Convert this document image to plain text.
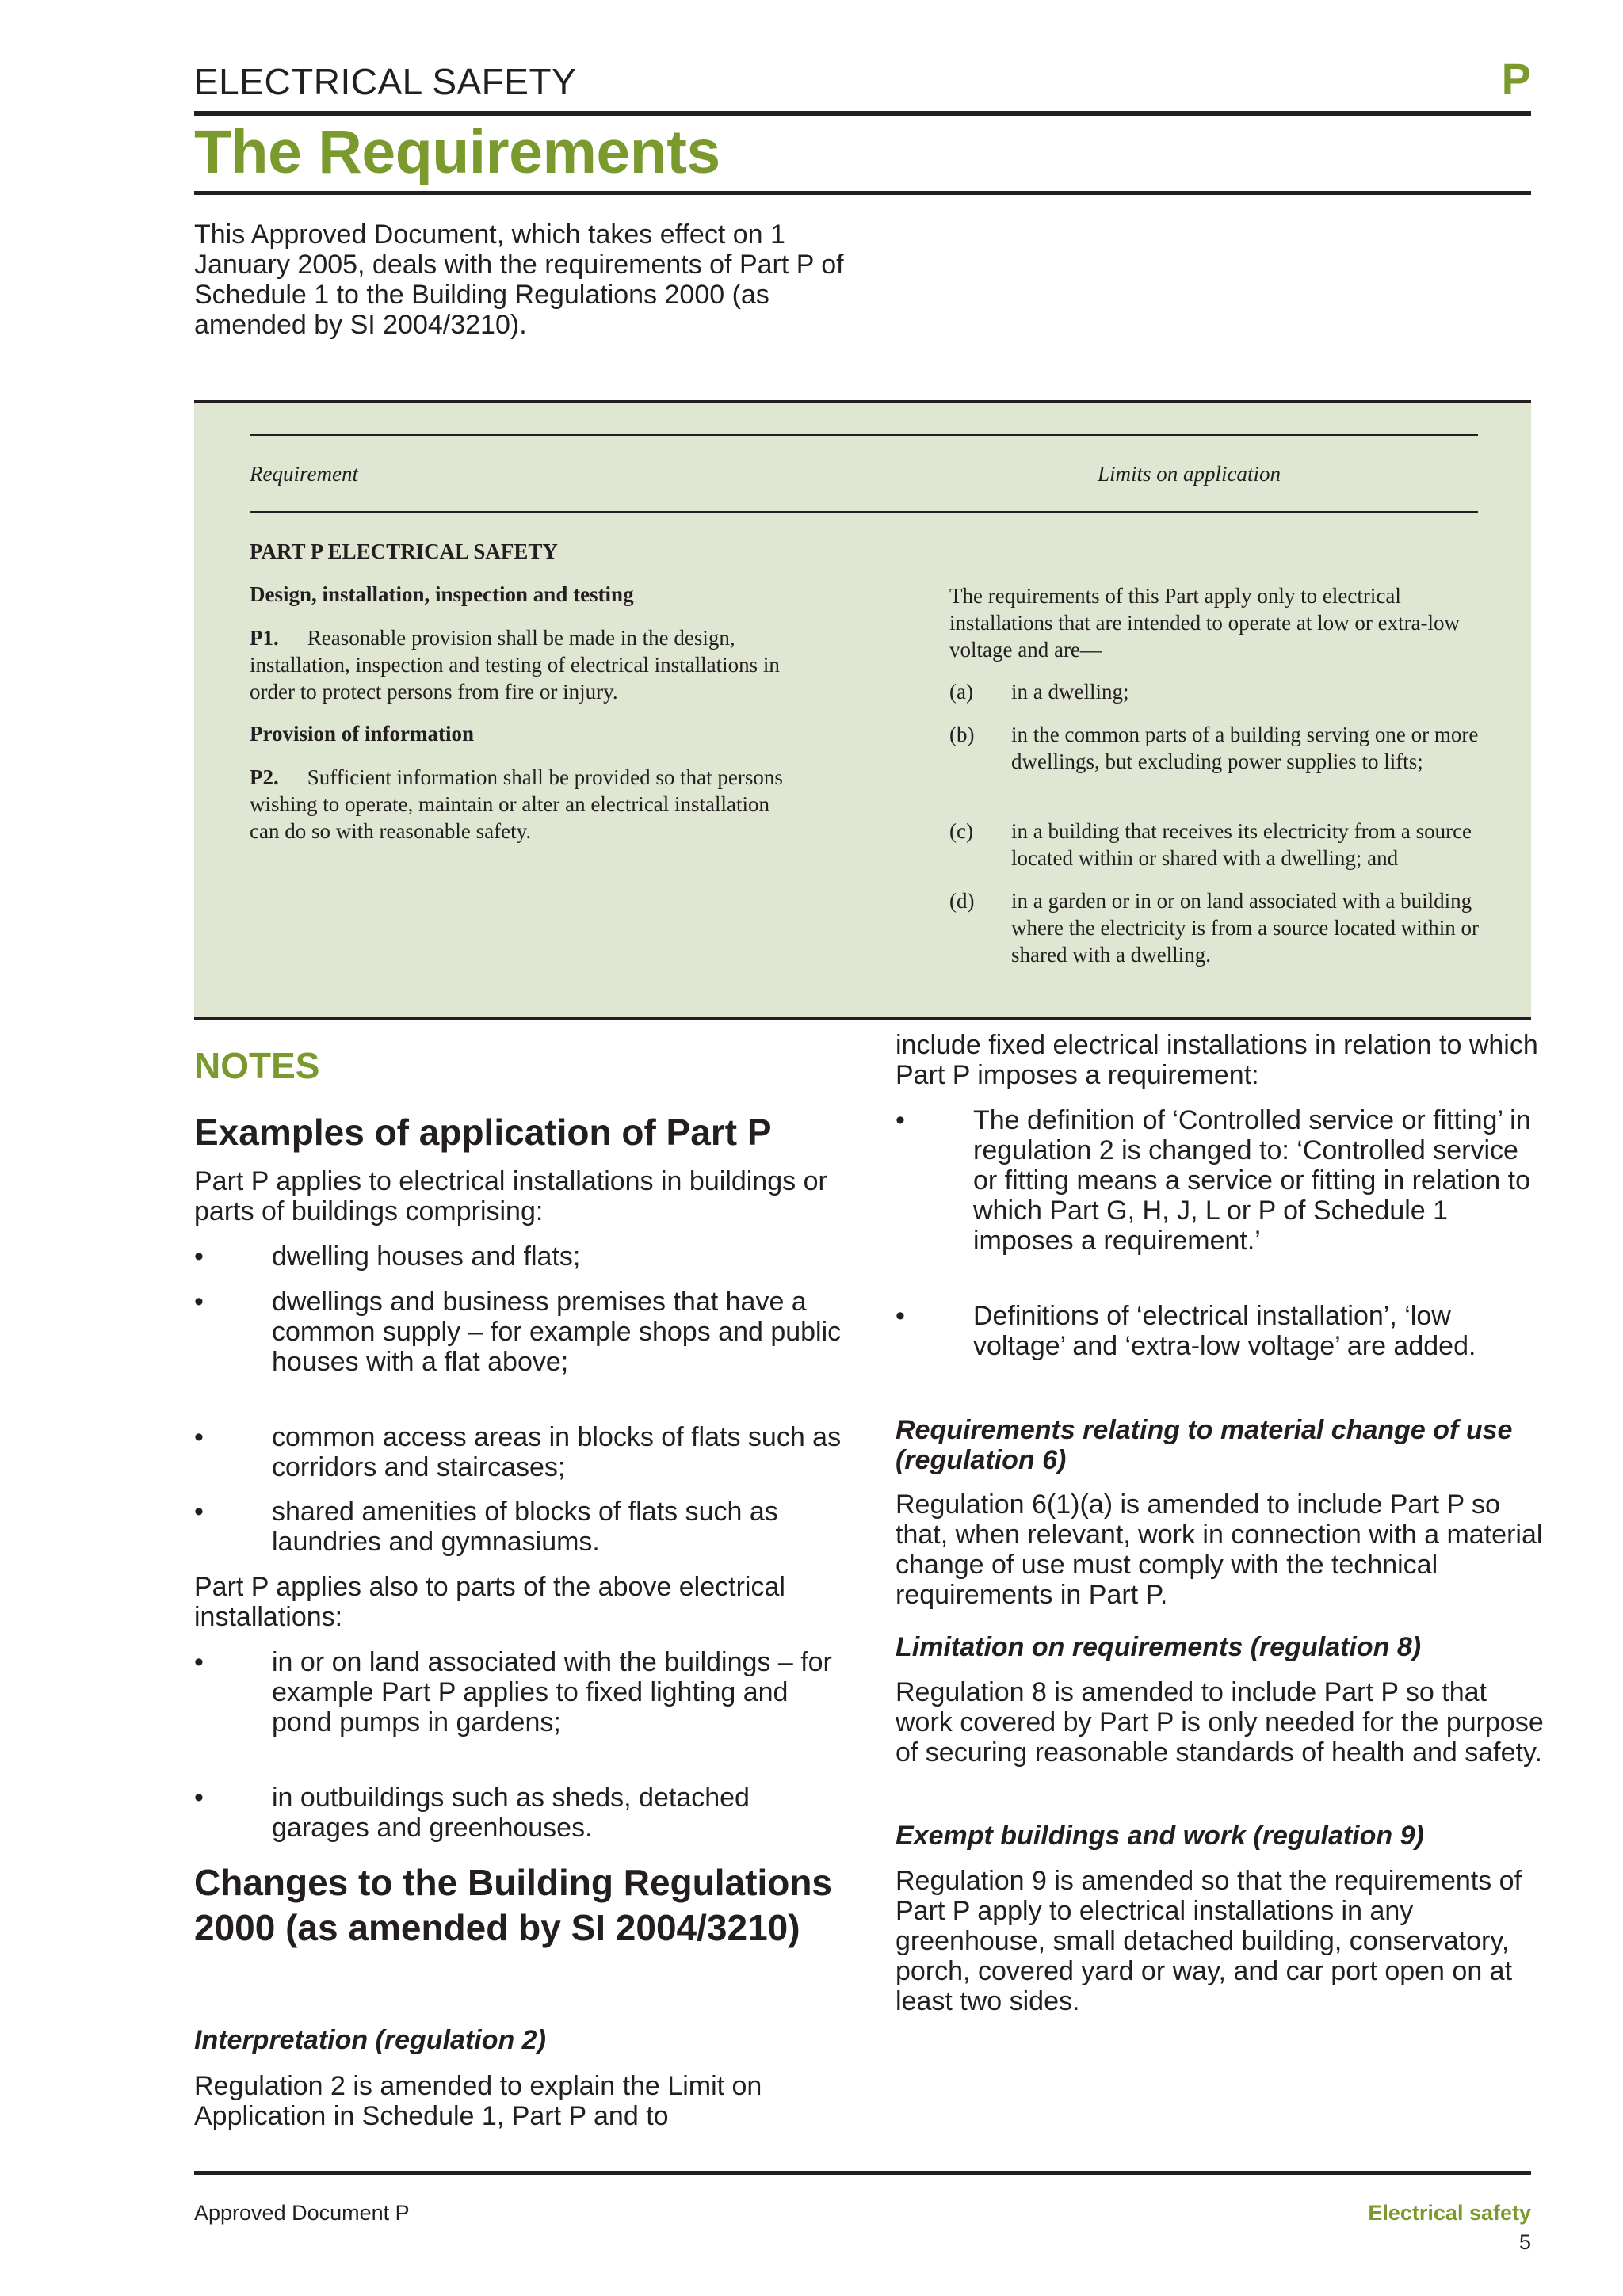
ELECTRICAL SAFETY	P
The Requirements
This Approved Document, which takes effect on 1 January 2005, deals with the requirements of Part P of Schedule 1 to the Building Regulations 2000 (as amended by SI 2004/3210).
Requirement	Limits on application
PART P ELECTRICAL SAFETY
Design, installation, inspection and testing
P1. Reasonable provision shall be made in the design, installation, inspection and testing of electrical installations in order to protect persons from fire or injury.
Provision of information
P2. Sufficient information shall be provided so that persons wishing to operate, maintain or alter an electrical installation can do so with reasonable safety.
The requirements of this Part apply only to electrical installations that are intended to operate at low or extra-low voltage and are—
(a) in a dwelling;
(b) in the common parts of a building serving one or more dwellings, but excluding power supplies to lifts;
(c) in a building that receives its electricity from a source located within or shared with a dwelling; and
(d) in a garden or in or on land associated with a building where the electricity is from a source located within or shared with a dwelling.
NOTES
Examples of application of Part P
Part P applies to electrical installations in buildings or parts of buildings comprising:
•	dwelling houses and flats;
•	dwellings and business premises that have a common supply – for example shops and public houses with a flat above;
•	common access areas in blocks of flats such as corridors and staircases;
•	shared amenities of blocks of flats such as laundries and gymnasiums.
Part P applies also to parts of the above electrical installations:
•	in or on land associated with the buildings – for example Part P applies to fixed lighting and pond pumps in gardens;
•	in outbuildings such as sheds, detached garages and greenhouses.
Changes to the Building Regulations 2000 (as amended by SI 2004/3210)
Interpretation (regulation 2)
Regulation 2 is amended to explain the Limit on Application in Schedule 1, Part P and to
include fixed electrical installations in relation to which Part P imposes a requirement:
•	The definition of ‘Controlled service or fitting’ in regulation 2 is changed to: ‘Controlled service or fitting means a service or fitting in relation to which Part G, H, J, L or P of Schedule 1 imposes a requirement.’
•	Definitions of ‘electrical installation’, ‘low voltage’ and ‘extra-low voltage’ are added.
Requirements relating to material change of use (regulation 6)
Regulation 6(1)(a) is amended to include Part P so that, when relevant, work in connection with a material change of use must comply with the technical requirements in Part P.
Limitation on requirements (regulation 8)
Regulation 8 is amended to include Part P so that work covered by Part P is only needed for the purpose of securing reasonable standards of health and safety.
Exempt buildings and work (regulation 9)
Regulation 9 is amended so that the requirements of Part P apply to electrical installations in any greenhouse, small detached building, conservatory, porch, covered yard or way, and car port open on at least two sides.
Approved Document P	Electrical safety
5
